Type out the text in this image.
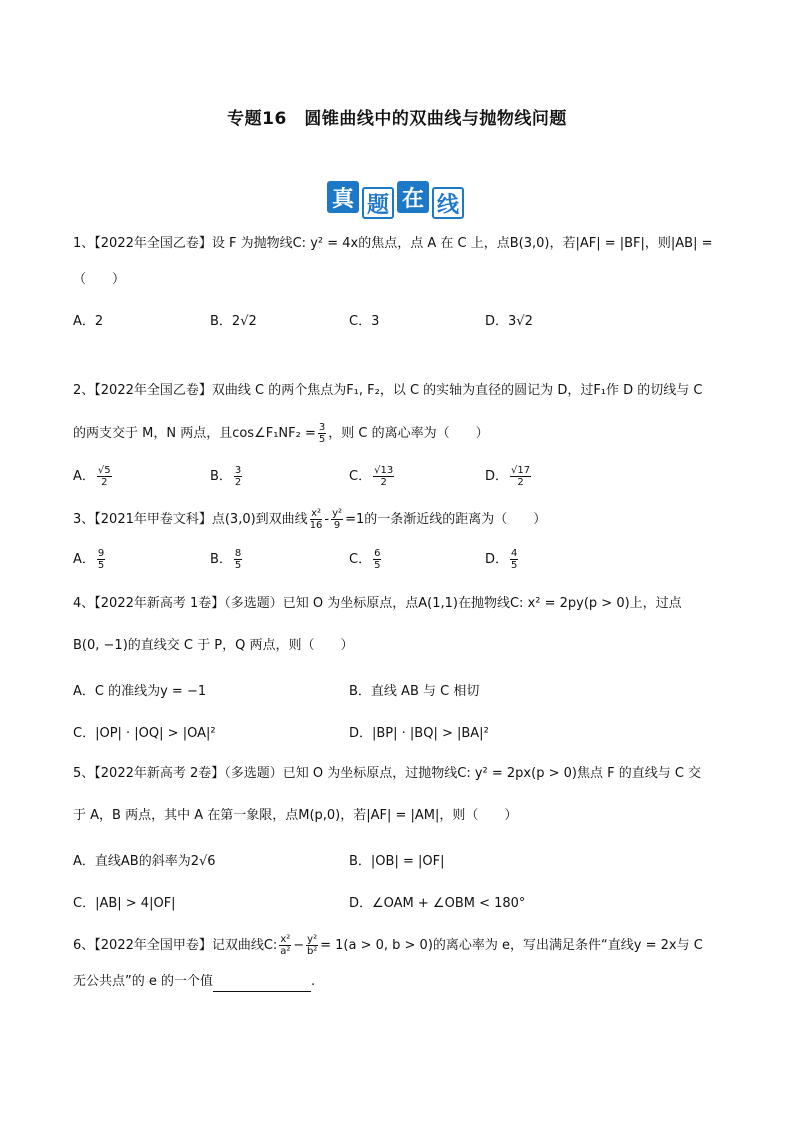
专题16　圆锥曲线中的双曲线与抛物线问题
真 题 在 线
1、【2022年全国乙卷】设 F 为抛物线C: y² = 4x的焦点，点 A 在 C 上，点B(3,0)，若|AF| = |BF|，则|AB| =
（　　）
A．2	B．2√2	C．3	D．3√2
2、【2022年全国乙卷】双曲线 C 的两个焦点为F₁, F₂，以 C 的实轴为直径的圆记为 D，过F₁作 D 的切线与 C
的两支交于 M，N 两点，且cos∠F₁NF₂ = $\frac{3}{5}$ ，则 C 的离心率为（　　）
A． $\frac{√5}{2}$	B． $\frac{3}{2}$	C． $\frac{√13}{2}$	D． $\frac{√17}{2}$
3、【2021年甲卷文科】点(3,0)到双曲线 $\frac{\text{x²}}{16} - \frac{\text{y²}}{9} =1$的一条渐近线的距离为（　　）
A． $\frac{9}{5}$	B． $\frac{8}{5}$	C． $\frac{6}{5}$	D． $\frac{4}{5}$
4、【2022年新高考 1卷】（多选题）已知 O 为坐标原点，点A(1,1)在抛物线C: x² = 2py(p > 0)上，过点
B(0, −1)的直线交 C 于 P，Q 两点，则（　　）
A．C 的准线为y = −1	B．直线 AB 与 C 相切
C．|OP| · |OQ| > |OA|²	D．|BP| · |BQ| > |BA|²
5、【2022年新高考 2卷】（多选题）已知 O 为坐标原点，过抛物线C: y² = 2px(p > 0)焦点 F 的直线与 C 交
于 A，B 两点，其中 A 在第一象限，点M(p,0)，若|AF| = |AM|，则（　　）
A．直线AB的斜率为2√6	B．|OB| = |OF|
C．|AB| > 4|OF|	D．∠OAM + ∠OBM < 180°
6、【2022年全国甲卷】记双曲线C: $\frac{\text{x²}}{\text{a²}} - \frac{\text{y²}}{\text{b²}} = 1(a > 0$, b > 0)的离心率为 e，写出满足条件“直线y = 2x与 C
无公共点”的 e 的一个值	.
